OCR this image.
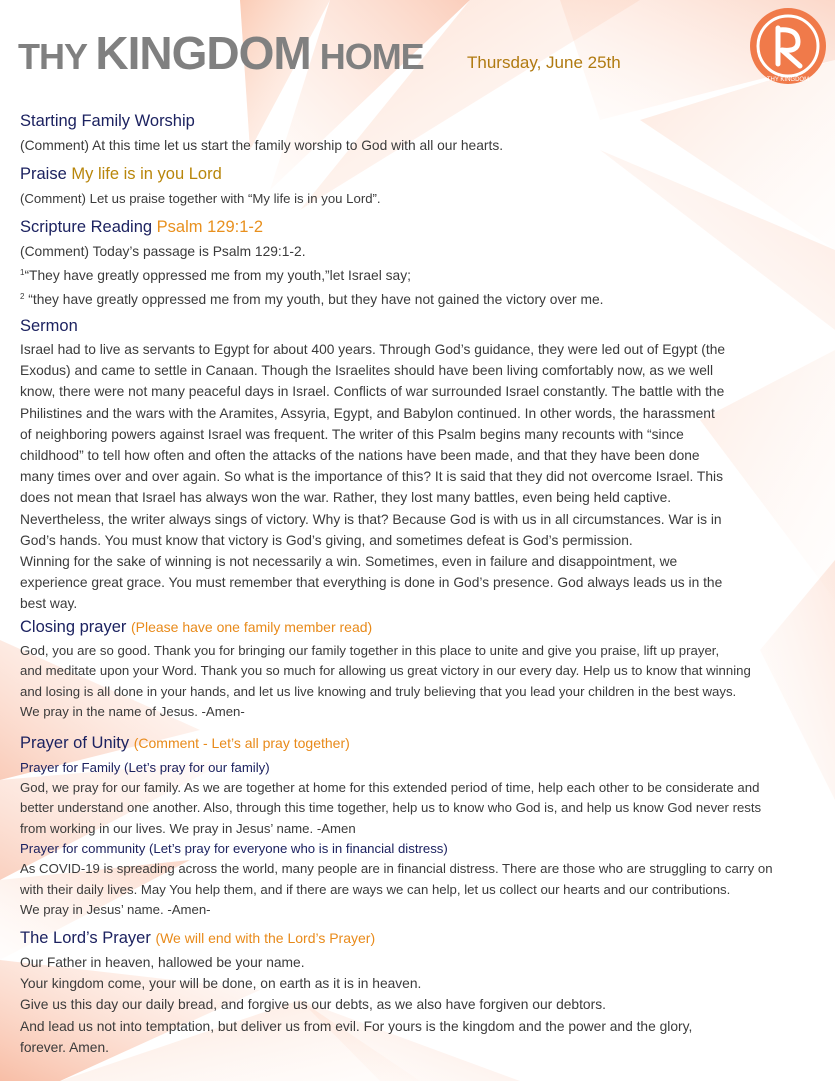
THY KINGDOM HOME	Thursday, June 25th
THY KINGDOM
Starting Family Worship
(Comment) At this time let us start the family worship to God with all our hearts.
Praise My life is in you Lord
(Comment) Let us praise together with “My life is in you Lord”.
Scripture Reading Psalm 129:1-2
(Comment) Today’s passage is Psalm 129:1-2.
$^1$“They have greatly oppressed me from my youth,”let Israel say;
$^2$ “they have greatly oppressed me from my youth, but they have not gained the victory over me.
Sermon
Israel had to live as servants to Egypt for about 400 years. Through God’s guidance, they were led out of Egypt (the
Exodus) and came to settle in Canaan. Though the Israelites should have been living comfortably now, as we well
know, there were not many peaceful days in Israel. Conflicts of war surrounded Israel constantly. The battle with the
Philistines and the wars with the Aramites, Assyria, Egypt, and Babylon continued. In other words, the harassment
of neighboring powers against Israel was frequent. The writer of this Psalm begins many recounts with “since
childhood” to tell how often and often the attacks of the nations have been made, and that they have been done
many times over and over again. So what is the importance of this? It is said that they did not overcome Israel. This
does not mean that Israel has always won the war. Rather, they lost many battles, even being held captive.
Nevertheless, the writer always sings of victory. Why is that? Because God is with us in all circumstances. War is in
God’s hands. You must know that victory is God’s giving, and sometimes defeat is God’s permission.
Winning for the sake of winning is not necessarily a win. Sometimes, even in failure and disappointment, we
experience great grace. You must remember that everything is done in God’s presence. God always leads us in the
best way.
Closing prayer (Please have one family member read)
God, you are so good. Thank you for bringing our family together in this place to unite and give you praise, lift up prayer,
and meditate upon your Word. Thank you so much for allowing us great victory in our every day. Help us to know that winning
and losing is all done in your hands, and let us live knowing and truly believing that you lead your children in the best ways.
We pray in the name of Jesus. -Amen-
Prayer of Unity (Comment - Let’s all pray together)
Prayer for Family (Let’s pray for our family)
God, we pray for our family. As we are together at home for this extended period of time, help each other to be considerate and
better understand one another. Also, through this time together, help us to know who God is, and help us know God never rests
from working in our lives. We pray in Jesus’ name. -Amen
Prayer for community (Let’s pray for everyone who is in financial distress)
As COVID-19 is spreading across the world, many people are in financial distress. There are those who are struggling to carry on
with their daily lives. May You help them, and if there are ways we can help, let us collect our hearts and our contributions.
We pray in Jesus’ name. -Amen-
The Lord’s Prayer (We will end with the Lord’s Prayer)
Our Father in heaven, hallowed be your name.
Your kingdom come, your will be done, on earth as it is in heaven.
Give us this day our daily bread, and forgive us our debts, as we also have forgiven our debtors.
And lead us not into temptation, but deliver us from evil. For yours is the kingdom and the power and the glory,
forever. Amen.
